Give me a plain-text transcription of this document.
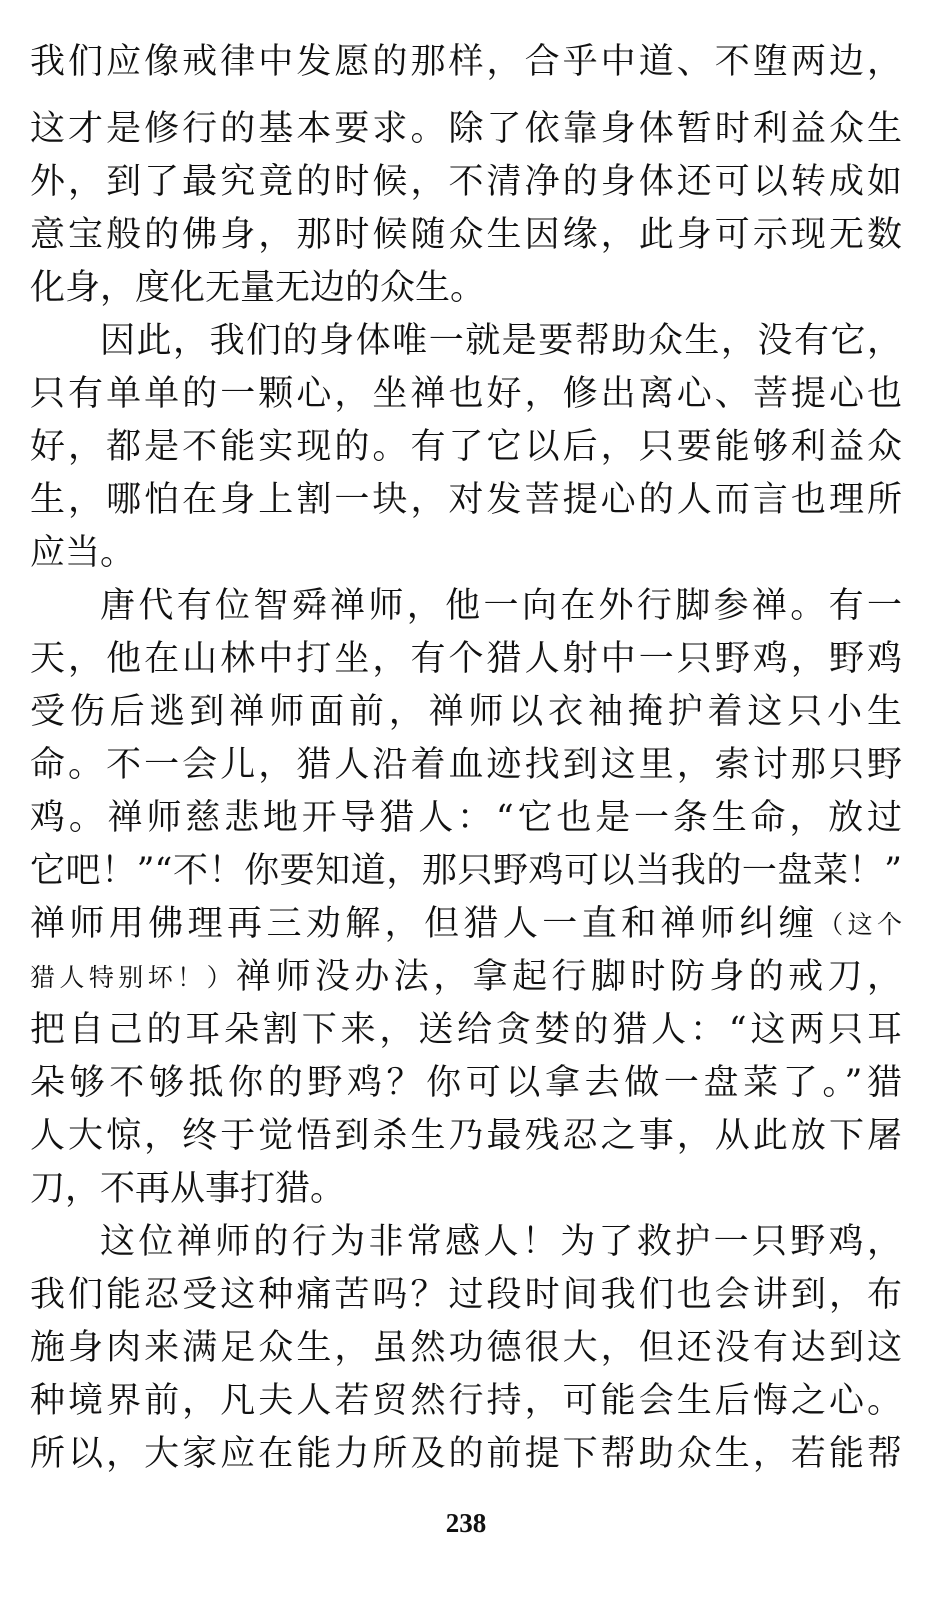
我们应像戒律中发愿的那样，合乎中道、不堕两边，
这才是修行的基本要求。除了依靠身体暂时利益众生
外，到了最究竟的时候，不清净的身体还可以转成如
意宝般的佛身，那时候随众生因缘，此身可示现无数
化身，度化无量无边的众生。
因此，我们的身体唯一就是要帮助众生，没有它，
只有单单的一颗心，坐禅也好，修出离心、菩提心也
好，都是不能实现的。有了它以后，只要能够利益众
生，哪怕在身上割一块，对发菩提心的人而言也理所
应当。
唐代有位智舜禅师，他一向在外行脚参禅。有一
天，他在山林中打坐，有个猎人射中一只野鸡，野鸡
受伤后逃到禅师面前，禅师以衣袖掩护着这只小生
命。不一会儿，猎人沿着血迹找到这里，索讨那只野
鸡。禅师慈悲地开导猎人：“它也是一条生命，放过
它吧！”“不！你要知道，那只野鸡可以当我的一盘菜！”
禅师用佛理再三劝解，但猎人一直和禅师纠缠（这个
猎人特别坏！）禅师没办法，拿起行脚时防身的戒刀，
把自己的耳朵割下来，送给贪婪的猎人：“这两只耳
朵够不够抵你的野鸡？你可以拿去做一盘菜了。”猎
人大惊，终于觉悟到杀生乃最残忍之事，从此放下屠
刀，不再从事打猎。
这位禅师的行为非常感人！为了救护一只野鸡，
我们能忍受这种痛苦吗？过段时间我们也会讲到，布
施身肉来满足众生，虽然功德很大，但还没有达到这
种境界前，凡夫人若贸然行持，可能会生后悔之心。
所以，大家应在能力所及的前提下帮助众生，若能帮
238
